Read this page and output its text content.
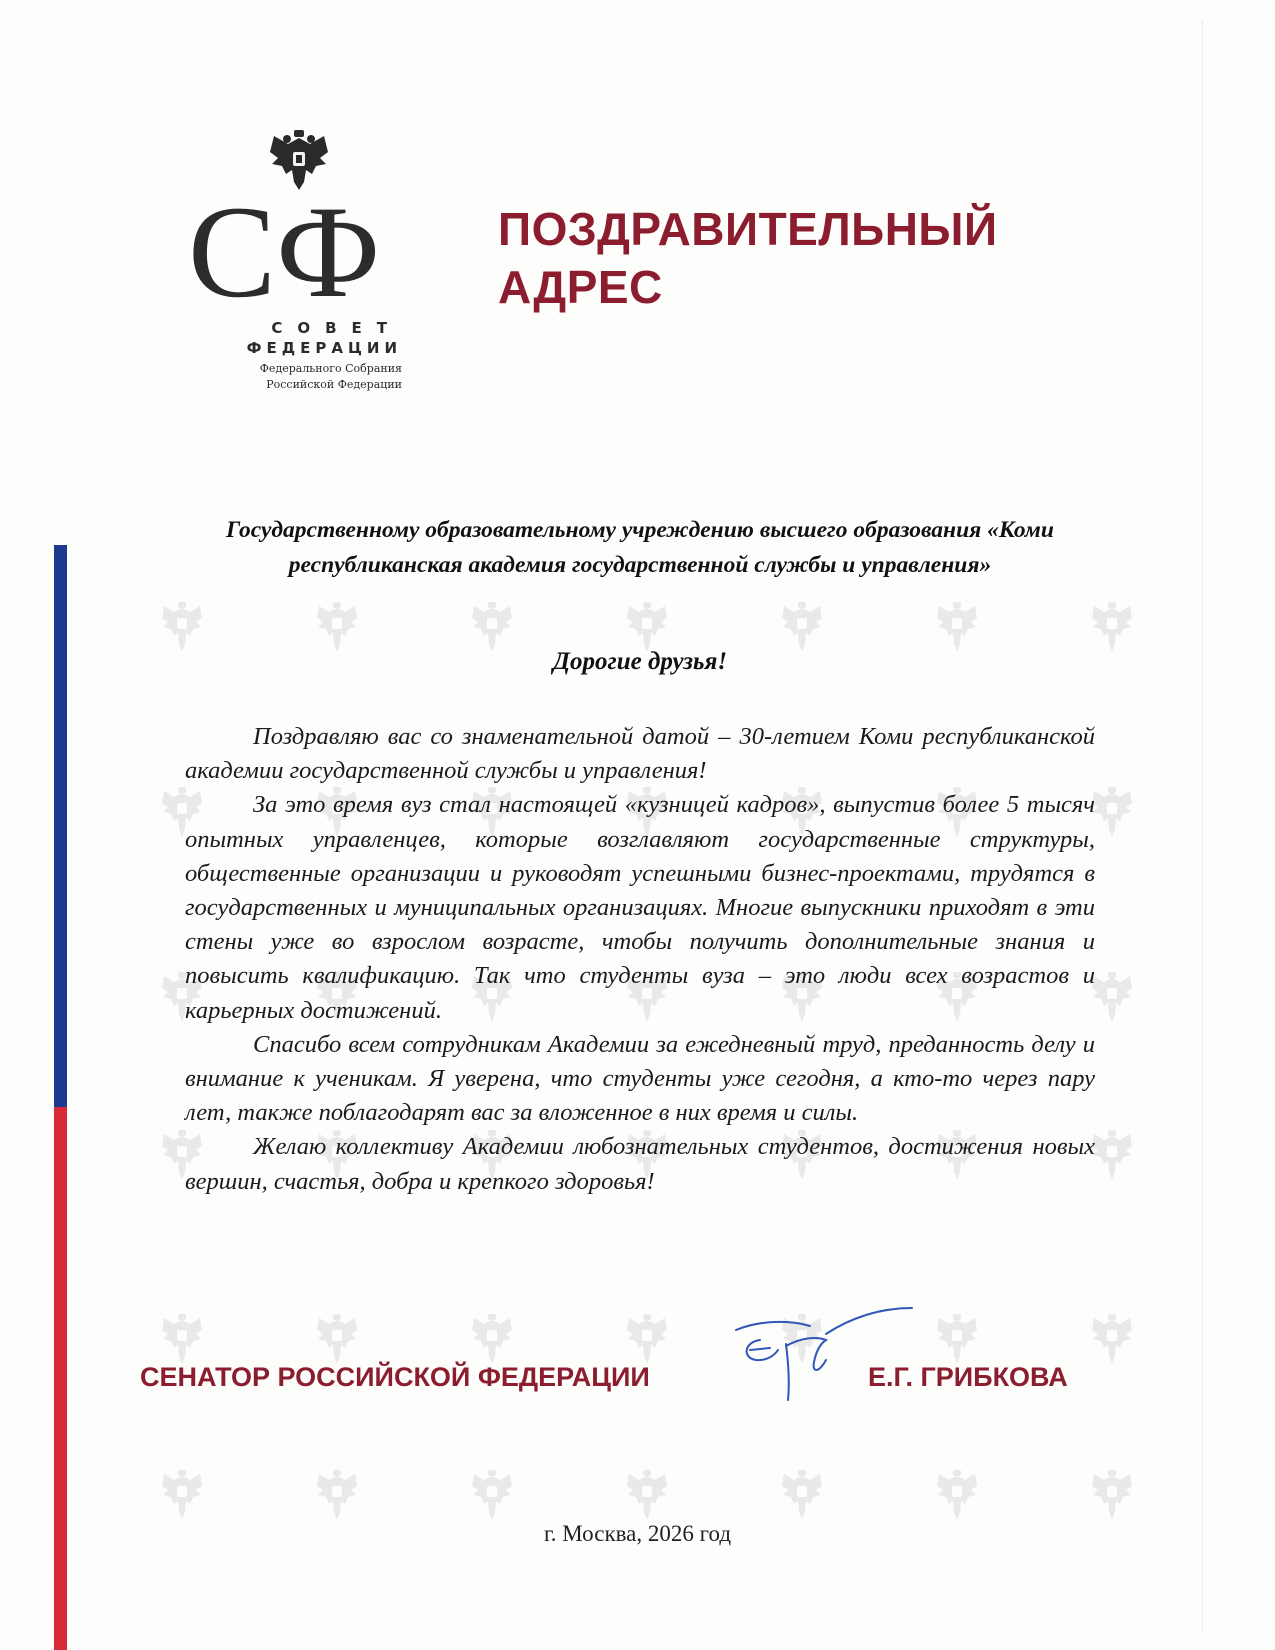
СФ
СОВЕТ
ФЕДЕРАЦИИ
Федерального Собрания
Российской Федерации
ПОЗДРАВИТЕЛЬНЫЙ
АДРЕС
Государственному образовательному учреждению высшего образования «Коми республиканская академия государственной службы и управления»
Дорогие друзья!

Поздравляю вас со знаменательной датой – 30-летием Коми республиканской академии государственной службы и управления!

За это время вуз стал настоящей «кузницей кадров», выпустив более 5 тысяч опытных управленцев, которые возглавляют государственные структуры, общественные организации и руководят успешными бизнес-проектами, трудятся в государственных и муниципальных организациях. Многие выпускники приходят в эти стены уже во взрослом возрасте, чтобы получить дополнительные знания и повысить квалификацию. Так что студенты вуза – это люди всех возрастов и карьерных достижений.

Спасибо всем сотрудникам Академии за ежедневный труд, преданность делу и внимание к ученикам. Я уверена, что студенты уже сегодня, а кто-то через пару лет, также поблагодарят вас за вложенное в них время и силы.

Желаю коллективу Академии любознательных студентов, достижения новых вершин, счастья, добра и крепкого здоровья!

СЕНАТОР РОССИЙСКОЙ ФЕДЕРАЦИИ	Е.Г. ГРИБКОВА
г. Москва, 2026 год
